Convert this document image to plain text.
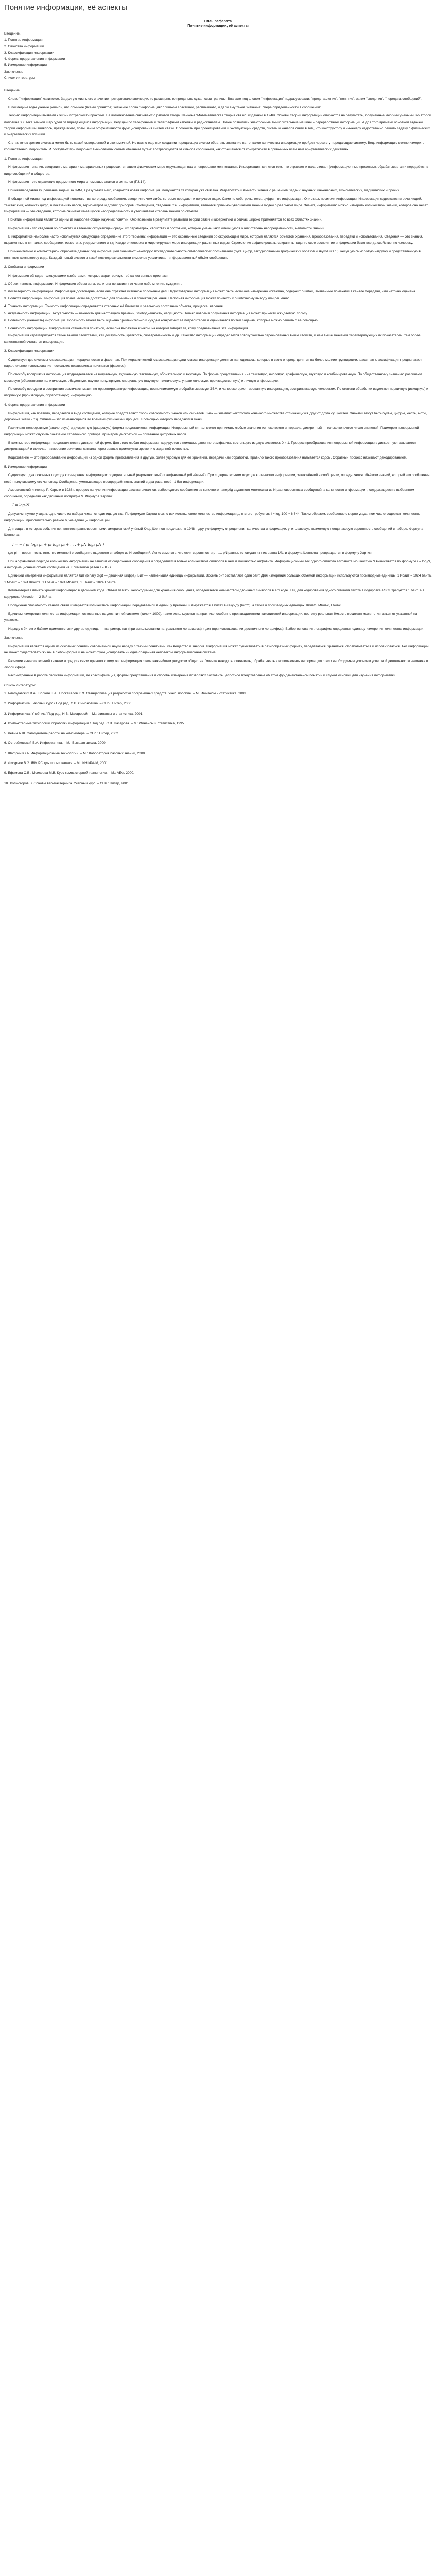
Понятие информации, её аспекты
План реферата
Понятие информации, её аспекты
Введение.
1. Понятие информации
2. Свойства информации
3. Классификация информации
4. Формы представления информации
5. Измерение информации
Заключение
Список литературы
Введение

Слово "информация" латинское. За долгую жизнь его значение претерпевало эволюции, то расширяя, то предельно сужая свои границы. Вначале под словом "информация" подразумевали: "представление", "понятие", затем "сведения", "передача сообщений".

В последние годы ученые решили, что обычное (всеми принятое) значение слова "информация" слишком эластично, расплывчато, и дали ему такое значение: "мера определенности в сообщении".

Теорию информации вызвали к жизни потребности практики. Ее возникновение связывают с работой Клода Шеннона "Математическая теория связи", изданной в 1946г. Основы теории информации опираются на результаты, полученные многими учеными. Ко второй половине XX века земной шар гудел от передающейся информации, бегущей по телефонным и телеграфным кабелям и радиоканалам. Позже появились электронные вычислительные машины - переработчики информации. А для того времени основной задачей теории информации являлось, прежде всего, повышение эффективности функционирования систем связи. Сложность при проектировании и эксплуатации средств, систем и каналов связи в том, что конструктору и инженеру недостаточно решить задачу с физических и энергетических позиций.

С этих точек зрения система может быть самой совершенной и экономичной. Но важно еще при создании передающих систем обратить внимание на то, какое количество информации пройдет через эту передающую систему. Ведь информацию можно измерить количественно, подсчитать. И поступают при подобных вычислениях самым обычным путем: абстрагируются от смысла сообщения, как отрешаются от конкретности в привычных всем нам арифметических действиях.

1. Понятие информации

Информация - знания, сведения о материи и материальных процессах, в нашем физическом мире окружающая нас и непрерывно меняющаяся. Информация является тем, что отражает и накапливает (информационные процессы), обрабатывается и передаётся в виде сообщений в обществе.

Информация - это отражение предметного мира с помощью знаков и сигналов (Г.3.14).

Приняв/передавая ту, решение задачи за 8ИМ, в результате чего, создаётся новая информация, получается та которая уже связана. Разработать и вынести знания с решением задачи: научных, инженерных, экономических, медицинских и прочих.

В обыденной жизни под информацией понимают всякого рода сообщения, сведения о чем-либо, которые передают и получают люди. Само по себе речь, текст, цифры - не информация. Они лишь носители информации. Информация содержится в речи людей, текстах книг, колонках цифр, в показаниях часов, термометров и других приборов. Сообщения, сведения, т.е. информация, являются причиной увеличения знаний людей о реальном мире. Значит, информацию можно измерить количеством знаний, которое она несет. Информация — это сведения, которые снимают имевшуюся неопределенность и увеличивают степень знания об объекте.

Понятие информации является одним из наиболее общих научных понятий. Оно возникло в результате развития теории связи и кибернетики и сейчас широко применяется во всех областях знаний.

Информация - это сведения об объектах и явлениях окружающей среды, их параметрах, свойствах и состоянии, которые уменьшают имеющуюся о них степень неопределенности, неполноты знаний.

В информатике наиболее часто используется следующее определение этого термина: информация — это осознанные сведения об окружающем мире, которые являются объектом хранения, преобразования, передачи и использования. Сведения — это знания, выраженные в сигналах, сообщениях, известиях, уведомлениях и т.д. Каждого человека в мире окружает море информации различных видов. Стремление зафиксировать, сохранить надолго свое восприятие информации было всегда свойственно человеку.

Применительно к компьютерной обработке данных под информацией понимают некоторую последовательность символических обозначений (букв, цифр, закодированных графических образов и звуков и т.п.), несущую смысловую нагрузку и представленную в понятном компьютеру виде. Каждый новый символ в такой последовательности символов увеличивает информационный объём сообщения.

2. Свойства информации

Информация обладает следующими свойствами, которые характеризуют её качественные признаки:

1. Объективность информации. Информация объективна, если она не зависит от чьего-либо мнения, суждения.
2. Достоверность информации. Информация достоверна, если она отражает истинное положение дел. Недостоверной информация может быть, если она намеренно искажена, содержит ошибки, вызванные помехами в канале передачи, или неточно оценена.
3. Полнота информации. Информация полна, если её достаточно для понимания и принятия решения. Неполная информация может привести к ошибочному выводу или решению.
4. Точность информации. Точность информации определяется степенью её близости к реальному состоянию объекта, процесса, явления.
5. Актуальность информации. Актуальность — важность для настоящего времени, злободневность, насущность. Только вовремя полученная информация может принести ожидаемую пользу.
6. Полезность (ценность) информации. Полезность может быть оценена применительно к нуждам конкретных её потребителей и оценивается по тем задачам, которые можно решить с её помощью.
7. Понятность информации. Информация становится понятной, если она выражена языком, на котором говорят те, кому предназначена эта информация.

Информация характеризуется также такими свойствами, как доступность, краткость, своевременность и др. Качество информации определяется совокупностью перечисленных выше свойств, и чем выше значения характеризующих их показателей, тем более качественной считается информация.

3. Классификация информации

Существует две системы классификации - иерархическая и фасетная. При иерархической классификации одни классы информации делятся на подклассы, которые в свою очередь делятся на более мелкие группировки. Фасетная классификация предполагает параллельное использование нескольких независимых признаков (фасетов).

По способу восприятия информация подразделяется на визуальную, аудиальную, тактильную, обонятельную и вкусовую. По форме представления - на текстовую, числовую, графическую, звуковую и комбинированную. По общественному значению различают массовую (общественно-политическую, обыденную, научно-популярную), специальную (научную, техническую, управленческую, производственную) и личную информацию.

По способу передачи и восприятия различают машинно-ориентированную информацию, воспринимаемую и обрабатываемую ЭВМ, и человеко-ориентированную информацию, воспринимаемую человеком. По степени обработки выделяют первичную (исходную) и вторичную (производную, обработанную) информацию.

4. Формы представления информации

Информация, как правило, передаётся в виде сообщений, которые представляют собой совокупность знаков или сигналов. Знак — элемент некоторого конечного множества отличающихся друг от друга сущностей. Знаками могут быть буквы, цифры, жесты, ноты, дорожные знаки и т.д. Сигнал — это изменяющийся во времени физический процесс, с помощью которого передаются знаки.

Различают непрерывную (аналоговую) и дискретную (цифровую) формы представления информации. Непрерывный сигнал может принимать любые значения из некоторого интервала, дискретный — только конечное число значений. Примером непрерывной информации может служить показание стрелочного прибора, примером дискретной — показание цифровых часов.

В компьютере информация представляется в дискретной форме. Для этого любая информация кодируется с помощью двоичного алфавита, состоящего из двух символов: 0 и 1. Процесс преобразования непрерывной информации в дискретную называется дискретизацией и включает измерение величины сигнала через равные промежутки времени с заданной точностью.

Кодирование — это преобразование информации из одной формы представления в другую, более удобную для её хранения, передачи или обработки. Правило такого преобразования называется кодом. Обратный процесс называют декодированием.

5. Измерение информации

Существуют два основных подхода к измерению информации: содержательный (вероятностный) и алфавитный (объёмный). При содержательном подходе количество информации, заключённой в сообщении, определяется объёмом знаний, который это сообщение несёт получающему его человеку. Сообщение, уменьшающее неопределённость знаний в два раза, несёт 1 бит информации.

Американский инженер Р. Хартли в 1928 г. процесс получения информации рассматривал как выбор одного сообщения из конечного наперёд заданного множества из N равновероятных сообщений, а количество информации I, содержащееся в выбранном сообщении, определял как двоичный логарифм N. Формула Хартли:

I = log₂N

Допустим, нужно угадать одно число из набора чисел от единицы до ста. По формуле Хартли можно вычислить, какое количество информации для этого требуется: I = log₂100 ≈ 6,644. Таким образом, сообщение о верно угаданном числе содержит количество информации, приблизительно равное 6,644 единицы информации.

Для задач, в которых события не являются равновероятными, американский учёный Клод Шеннон предложил в 1948 г. другую формулу определения количества информации, учитывающую возможную неодинаковую вероятность сообщений в наборе. Формула Шеннона:

I = − ( p₁ log₂ p₁ + p₂ log₂ p₂ + . . . + pN log₂ pN )

где pi — вероятность того, что именно i-е сообщение выделено в наборе из N сообщений. Легко заметить, что если вероятности p₁, ..., pN равны, то каждая из них равна 1/N, и формула Шеннона превращается в формулу Хартли.

При алфавитном подходе количество информации не зависит от содержания сообщения и определяется только количеством символов в нём и мощностью алфавита. Информационный вес одного символа алфавита мощностью N вычисляется по формуле i = log₂N, а информационный объём сообщения из K символов равен I = K · i.

Единицей измерения информации является бит (binary digit — двоичная цифра). Бит — наименьшая единица информации. Восемь бит составляют один байт. Для измерения больших объёмов информации используются производные единицы: 1 Кбайт = 1024 байта, 1 Мбайт = 1024 Кбайта, 1 Гбайт = 1024 Мбайта, 1 Тбайт = 1024 Гбайта.

Компьютерная память хранит информацию в двоичном коде. Объём памяти, необходимый для хранения сообщения, определяется количеством двоичных символов в его коде. Так, для кодирования одного символа текста в кодировке ASCII требуется 1 байт, а в кодировке Unicode — 2 байта.

Пропускная способность канала связи измеряется количеством информации, передаваемой в единицу времени, и выражается в битах в секунду (бит/с), а также в производных единицах: Кбит/с, Мбит/с, Гбит/с.

Единицы измерения количества информации, основанные на десятичной системе (кило = 1000), также используются на практике, особенно производителями накопителей информации, поэтому реальная ёмкость носителя может отличаться от указанной на упаковке.

Наряду с битом и байтом применяются и другие единицы — например, нат (при использовании натурального логарифма) и дит (при использовании десятичного логарифма). Выбор основания логарифма определяет единицу измерения количества информации.

Заключение

Информация является одним из основных понятий современной науки наряду с такими понятиями, как вещество и энергия. Информация может существовать в разнообразных формах, передаваться, храниться, обрабатываться и использоваться. Без информации не может существовать жизнь в любой форме и не может функционировать ни одна созданная человеком информационная система.

Развитие вычислительной техники и средств связи привело к тому, что информация стала важнейшим ресурсом общества. Умение находить, оценивать, обрабатывать и использовать информацию стало необходимым условием успешной деятельности человека в любой сфере.

Рассмотренные в работе свойства информации, её классификация, формы представления и способы измерения позволяют составить целостное представление об этом фундаментальном понятии и служат основой для изучения информатики.

Список литературы:
1. Благодатских В.А., Волнин В.А., Поскакалов К.Ф. Стандартизация разработки программных средств: Учеб. пособие. – М.: Финансы и статистика, 2003.
2. Информатика. Базовый курс / Под ред. С.В. Симоновича. – СПб.: Питер, 2000.
3. Информатика: Учебник / Под ред. Н.В. Макаровой. – М.: Финансы и статистика, 2001.
4. Компьютерные технологии обработки информации / Под ред. С.В. Назарова. – М.: Финансы и статистика, 1995.
5. Левин А.Ш. Самоучитель работы на компьютере. – СПб.: Питер, 2002.
6. Острейковский В.А. Информатика. – М.: Высшая школа, 2000.
7. Шафрин Ю.А. Информационные технологии. – М.: Лаборатория базовых знаний, 2000.
8. Фигурнов В.Э. IBM PC для пользователя. – М.: ИНФРА-М, 2001.
9. Ефимова О.В., Моисеева М.В. Курс компьютерной технологии. – М.: АБФ, 2000.
10. Холмогоров В. Основы веб-мастеринга. Учебный курс. – СПб.: Питер, 2001.
